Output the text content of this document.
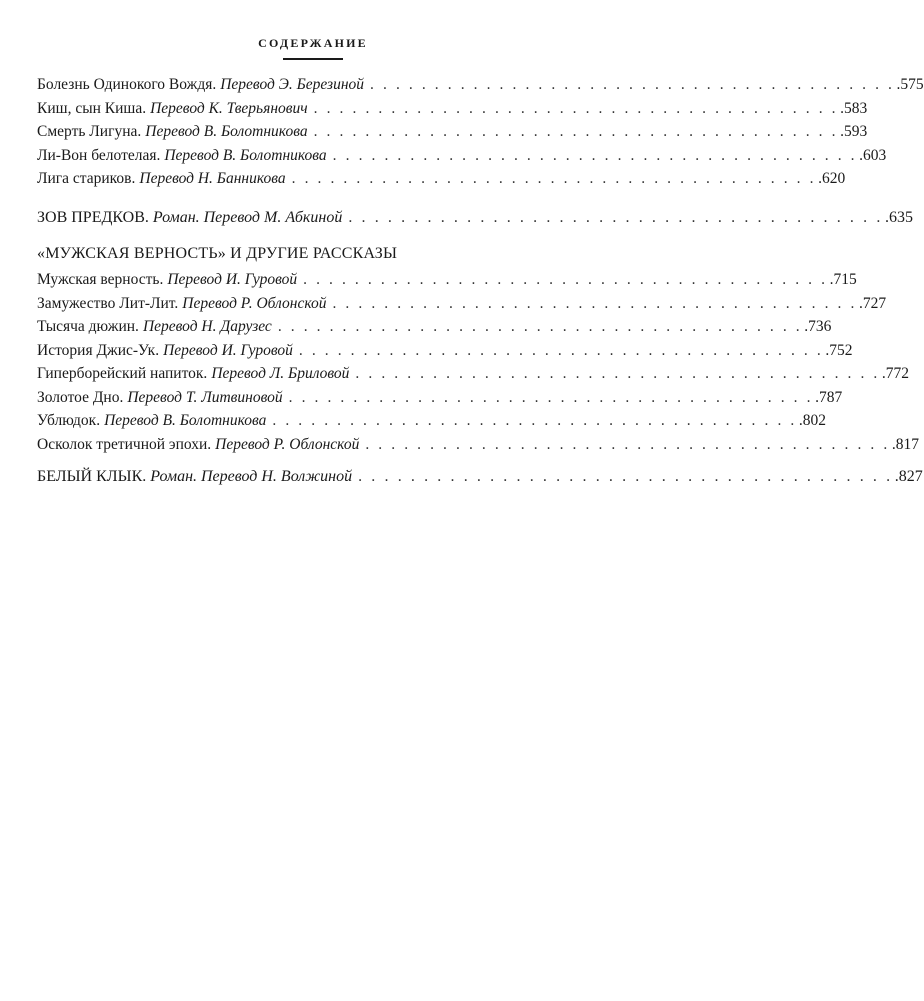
СОДЕРЖАНИЕ
Болезнь Одинокого Вождя. Перевод Э. Березиной . . . . . . . . . . . . . . . . . . . . . . . . . . . . . . . . . . . . . . . . . .575
Киш, сын Киша. Перевод К. Тверьянович . . . . . . . . . . . . . . . . . . . . . . . . . . . . . . . . . . . . . . . . . .583
Смерть Лигуна. Перевод В. Болотникова . . . . . . . . . . . . . . . . . . . . . . . . . . . . . . . . . . . . . . . . . .593
Ли-Вон белотелая. Перевод В. Болотникова . . . . . . . . . . . . . . . . . . . . . . . . . . . . . . . . . . . . . . . . . .603
Лига стариков. Перевод Н. Банникова . . . . . . . . . . . . . . . . . . . . . . . . . . . . . . . . . . . . . . . . . .620
ЗОВ ПРЕДКОВ. Роман. Перевод М. Абкиной . . . . . . . . . . . . . . . . . . . . . . . . . . . . . . . . . . . . . . . . . .635
«МУЖСКАЯ ВЕРНОСТЬ» И ДРУГИЕ РАССКАЗЫ
Мужская верность. Перевод И. Гуровой . . . . . . . . . . . . . . . . . . . . . . . . . . . . . . . . . . . . . . . . . .715
Замужество Лит-Лит. Перевод Р. Облонской . . . . . . . . . . . . . . . . . . . . . . . . . . . . . . . . . . . . . . . . . .727
Тысяча дюжин. Перевод Н. Дарузес . . . . . . . . . . . . . . . . . . . . . . . . . . . . . . . . . . . . . . . . . .736
История Джис-Ук. Перевод И. Гуровой . . . . . . . . . . . . . . . . . . . . . . . . . . . . . . . . . . . . . . . . . .752
Гиперборейский напиток. Перевод Л. Бриловой . . . . . . . . . . . . . . . . . . . . . . . . . . . . . . . . . . . . . . . . . .772
Золотое Дно. Перевод Т. Литвиновой . . . . . . . . . . . . . . . . . . . . . . . . . . . . . . . . . . . . . . . . . .787
Ублюдок. Перевод В. Болотникова . . . . . . . . . . . . . . . . . . . . . . . . . . . . . . . . . . . . . . . . . .802
Осколок третичной эпохи. Перевод Р. Облонской . . . . . . . . . . . . . . . . . . . . . . . . . . . . . . . . . . . . . . . . . .817
БЕЛЫЙ КЛЫК. Роман. Перевод Н. Волжиной . . . . . . . . . . . . . . . . . . . . . . . . . . . . . . . . . . . . . . . . . .827
